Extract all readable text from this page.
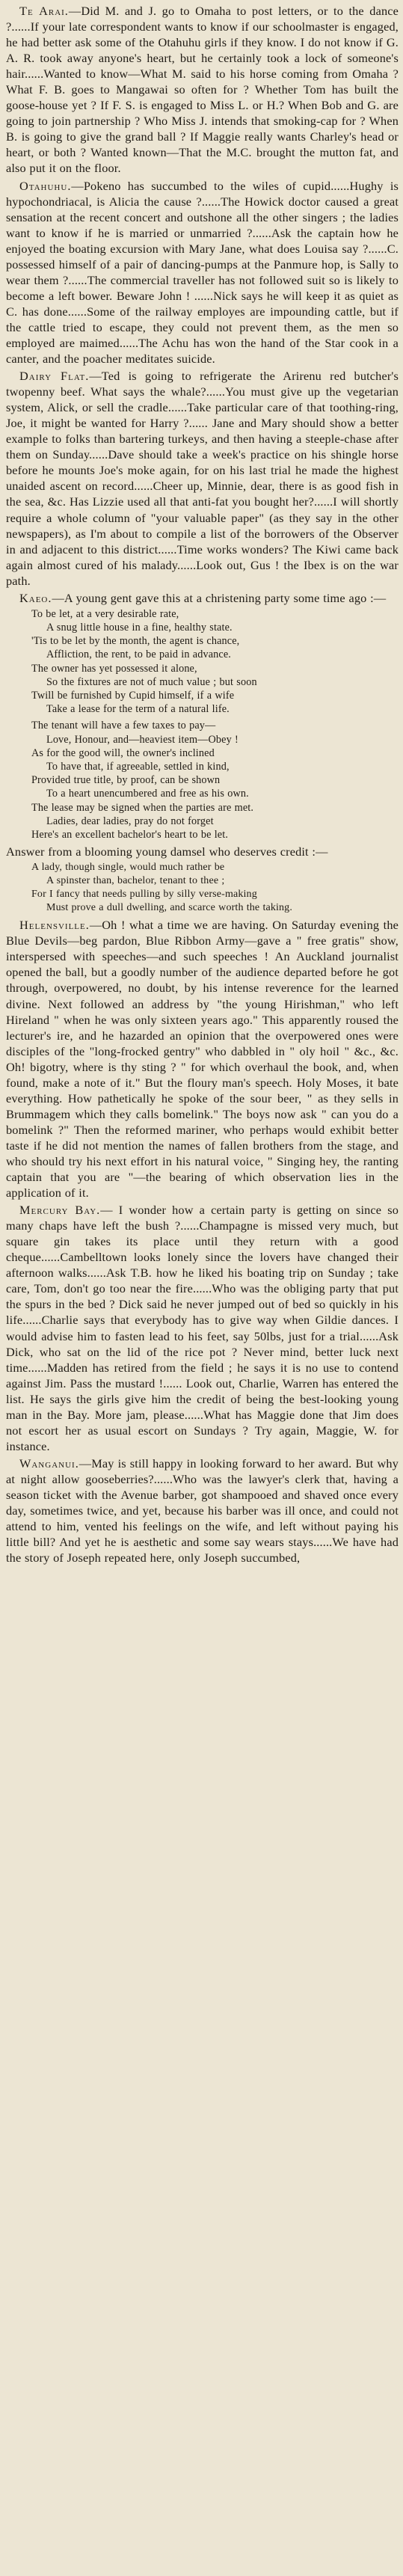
Te Arai.—Did M. and J. go to Omaha to post letters, or to the dance ?......If your late correspondent wants to know if our schoolmaster is engaged, he had better ask some of the Otahuhu girls if they know. I do not know if G. A. R. took away anyone's heart, but he certainly took a lock of someone's hair......Wanted to know—What M. said to his horse coming from Omaha ? What F. B. goes to Mangawai so often for ? Whether Tom has built the goose-house yet ? If F. S. is engaged to Miss L. or H.? When Bob and G. are going to join partnership ? Who Miss J. intends that smoking-cap for ? When B. is going to give the grand ball ? If Maggie really wants Charley's head or heart, or both ? Wanted known—That the M.C. brought the mutton fat, and also put it on the floor.

Otahuhu.—Pokeno has succumbed to the wiles of cupid......Hughy is hypochondriacal, is Alicia the cause ?......The Howick doctor caused a great sensation at the recent concert and outshone all the other singers ; the ladies want to know if he is married or unmarried ?......Ask the captain how he enjoyed the boating excursion with Mary Jane, what does Louisa say ?......C. possessed himself of a pair of dancing-pumps at the Panmure hop, is Sally to wear them ?......The commercial traveller has not followed suit so is likely to become a left bower. Beware John ! ......Nick says he will keep it as quiet as C. has done......Some of the railway employes are impounding cattle, but if the cattle tried to escape, they could not prevent them, as the men so employed are maimed......The Achu has won the hand of the Star cook in a canter, and the poacher meditates suicide.

Dairy Flat.—Ted is going to refrigerate the Arirenu red butcher's twopenny beef. What says the whale?......You must give up the vegetarian system, Alick, or sell the cradle......Take particular care of that toothing-ring, Joe, it might be wanted for Harry ?...... Jane and Mary should show a better example to folks than bartering turkeys, and then having a steeple-chase after them on Sunday......Dave should take a week's practice on his shingle horse before he mounts Joe's moke again, for on his last trial he made the highest unaided ascent on record......Cheer up, Minnie, dear, there is as good fish in the sea, &c. Has Lizzie used all that anti-fat you bought her?......I will shortly require a whole column of "your valuable paper" (as they say in the other newspapers), as I'm about to compile a list of the borrowers of the Observer in and adjacent to this district......Time works wonders? The Kiwi came back again almost cured of his malady......Look out, Gus ! the Ibex is on the war path.

Kaeo.—A young gent gave this at a christening party some time ago :—

To be let, at a very desirable rate,
A snug little house in a fine, healthy state.
'Tis to be let by the month, the agent is chance,
Affliction, the rent, to be paid in advance.
The owner has yet possessed it alone,
So the fixtures are not of much value ; but soon
Twill be furnished by Cupid himself, if a wife
Take a lease for the term of a natural life.
The tenant will have a few taxes to pay—
Love, Honour, and—heaviest item—Obey !
As for the good will, the owner's inclined
To have that, if agreeable, settled in kind,
Provided true title, by proof, can be shown
To a heart unencumbered and free as his own.
The lease may be signed when the parties are met.
Ladies, dear ladies, pray do not forget
Here's an excellent bachelor's heart to be let.

Answer from a blooming young damsel who deserves credit :—

A lady, though single, would much rather be
A spinster than, bachelor, tenant to thee ;
For I fancy that needs pulling by silly verse-making
Must prove a dull dwelling, and scarce worth the taking.

Helensville.—Oh ! what a time we are having. On Saturday evening the Blue Devils—beg pardon, Blue Ribbon Army—gave a " free gratis" show, interspersed with speeches—and such speeches ! An Auckland journalist opened the ball, but a goodly number of the audience departed before he got through, overpowered, no doubt, by his intense reverence for the learned divine. Next followed an address by "the young Hirishman," who left Hireland " when he was only sixteen years ago." This apparently roused the lecturer's ire, and he hazarded an opinion that the overpowered ones were disciples of the "long-frocked gentry" who dabbled in " oly hoil " &c., &c. Oh! bigotry, where is thy sting ? " for which overhaul the book, and, when found, make a note of it." But the floury man's speech. Holy Moses, it bate everything. How pathetically he spoke of the sour beer, " as they sells in Brummagem which they calls bomelink." The boys now ask " can you do a bomelink ?" Then the reformed mariner, who perhaps would exhibit better taste if he did not mention the names of fallen brothers from the stage, and who should try his next effort in his natural voice, " Singing hey, the ranting captain that you are "—the bearing of which observation lies in the application of it.

Mercury Bay.— I wonder how a certain party is getting on since so many chaps have left the bush ?......Champagne is missed very much, but square gin takes its place until they return with a good cheque......Cambelltown looks lonely since the lovers have changed their afternoon walks......Ask T.B. how he liked his boating trip on Sunday ; take care, Tom, don't go too near the fire......Who was the obliging party that put the spurs in the bed ? Dick said he never jumped out of bed so quickly in his life......Charlie says that everybody has to give way when Gildie dances. I would advise him to fasten lead to his feet, say 50lbs, just for a trial......Ask Dick, who sat on the lid of the rice pot ? Never mind, better luck next time......Madden has retired from the field ; he says it is no use to contend against Jim. Pass the mustard !...... Look out, Charlie, Warren has entered the list. He says the girls give him the credit of being the best-looking young man in the Bay. More jam, please......What has Maggie done that Jim does not escort her as usual escort on Sundays ? Try again, Maggie, W. for instance.

Wanganui.—May is still happy in looking forward to her award. But why at night allow gooseberries?......Who was the lawyer's clerk that, having a season ticket with the Avenue barber, got shampooed and shaved once every day, sometimes twice, and yet, because his barber was ill once, and could not attend to him, vented his feelings on the wife, and left without paying his little bill? And yet he is aesthetic and some say wears stays......We have had the story of Joseph repeated here, only Joseph succumbed,
